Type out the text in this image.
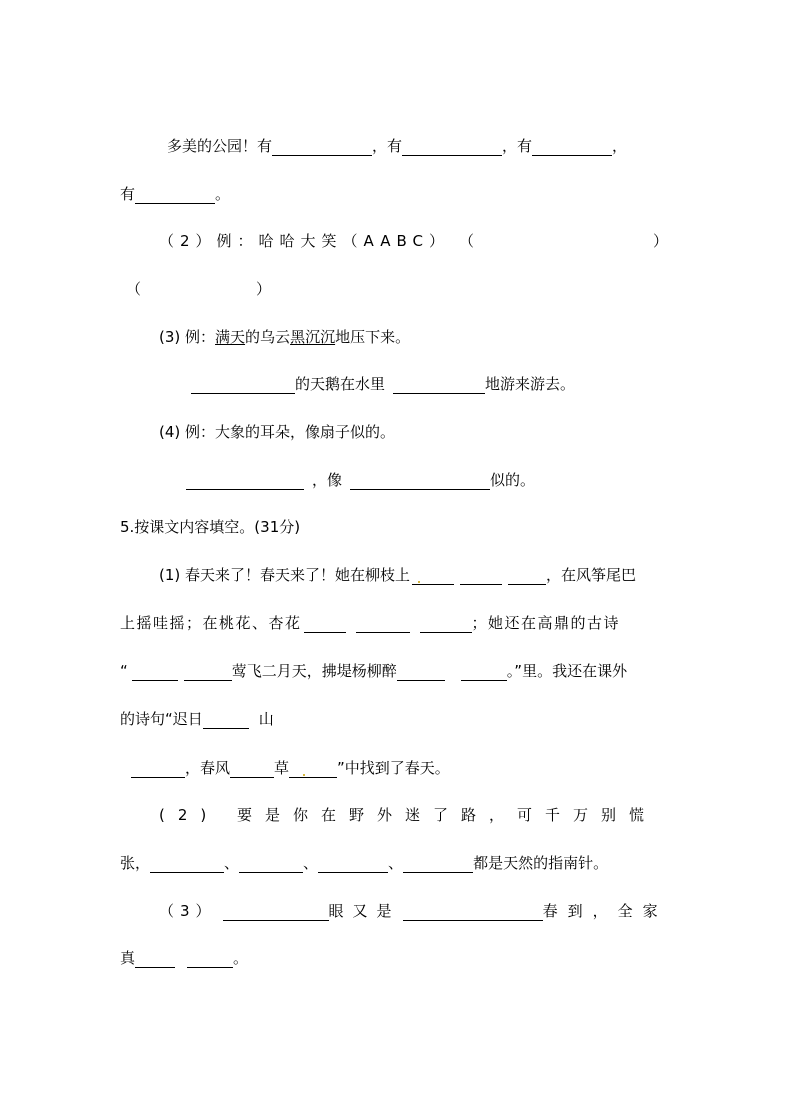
多美的公园！有	，有	，有	，
有	。
（2）例：哈哈大笑（AABC） （	）
（	）
(3) 例：满天的乌云黑沉沉地压下来。
的天鹅在水里	地游来游去。
(4) 例：大象的耳朵，像扇子似的。
，像	似的。
5.按课文内容填空。(31分)
(1) 春天来了！春天来了！她在柳枝上	，在风筝尾巴
上摇哇摇；在桃花、杏花	；她还在高鼎的古诗
“	莺飞二月天，拂堤杨柳醉	。”里。我还在课外
的诗句“迟日	山
，春风	草	”中找到了春天。
(2) 要是你在野外迷了路，可千万别慌
张，	、	、	、	都是天然的指南针。
（3）	眼又是	春到，全家
真	。
